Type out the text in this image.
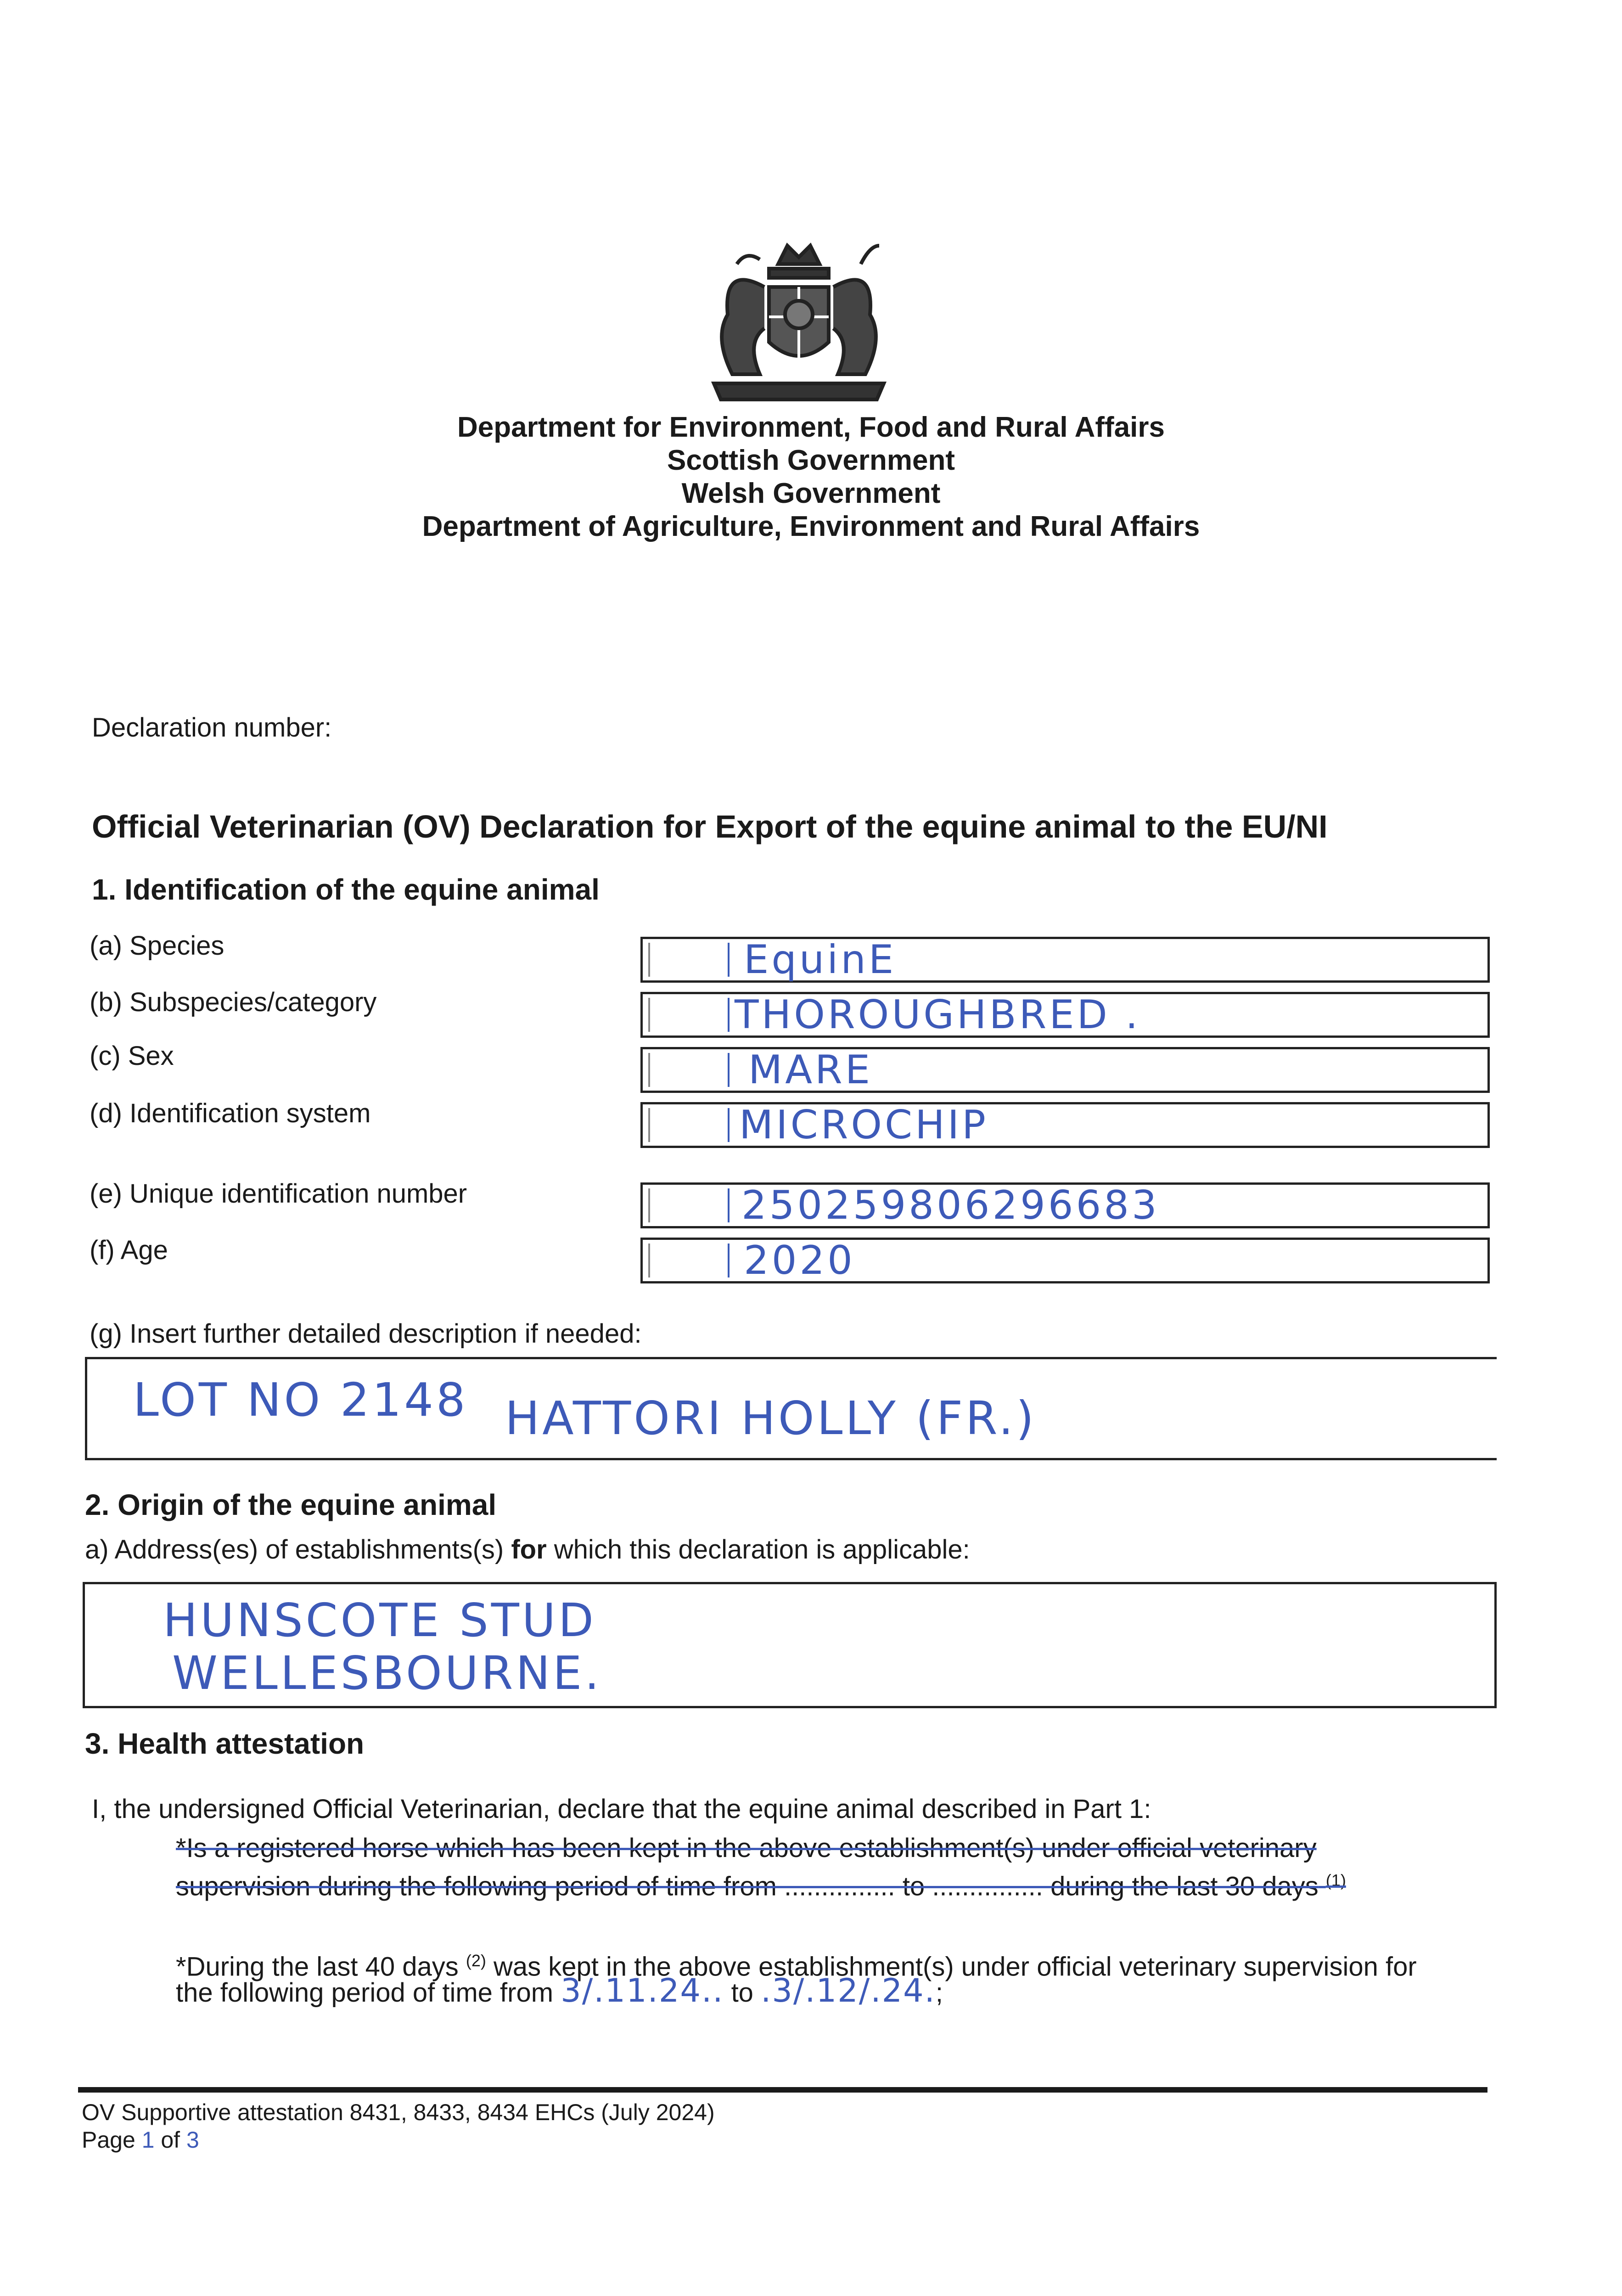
Department for Environment, Food and Rural Affairs
Scottish Government
Welsh Government
Department of Agriculture, Environment and Rural Affairs
Declaration number:
Official Veterinarian (OV) Declaration for Export of the equine animal to the EU/NI
1. Identification of the equine animal
(a) Species	EquinE
(b) Subspecies/category	THOROUGHBRED .
(c) Sex	MARE
(d) Identification system	MICROCHIP
(e) Unique identification number	250259806296683
(f) Age	2020
(g) Insert further detailed description if needed:
LOT NO 2148 HATTORI HOLLY (FR.)
2. Origin of the equine animal
a) Address(es) of establishments(s) for which this declaration is applicable:
HUNSCOTE STUD
WELLESBOURNE.
3. Health attestation
I, the undersigned Official Veterinarian, declare that the equine animal described in Part 1:
*Is a registered horse which has been kept in the above establishment(s) under official veterinary
supervision during the following period of time from ............... to ............... during the last 30 days $^{(1)}$
*During the last 40 days $^{(2)}$ was kept in the above establishment(s) under official veterinary supervision for
the following period of time from 3/.11.24.. to .3/.12/.24.;
OV Supportive attestation 8431, 8433, 8434 EHCs (July 2024)
Page 1 of 3
